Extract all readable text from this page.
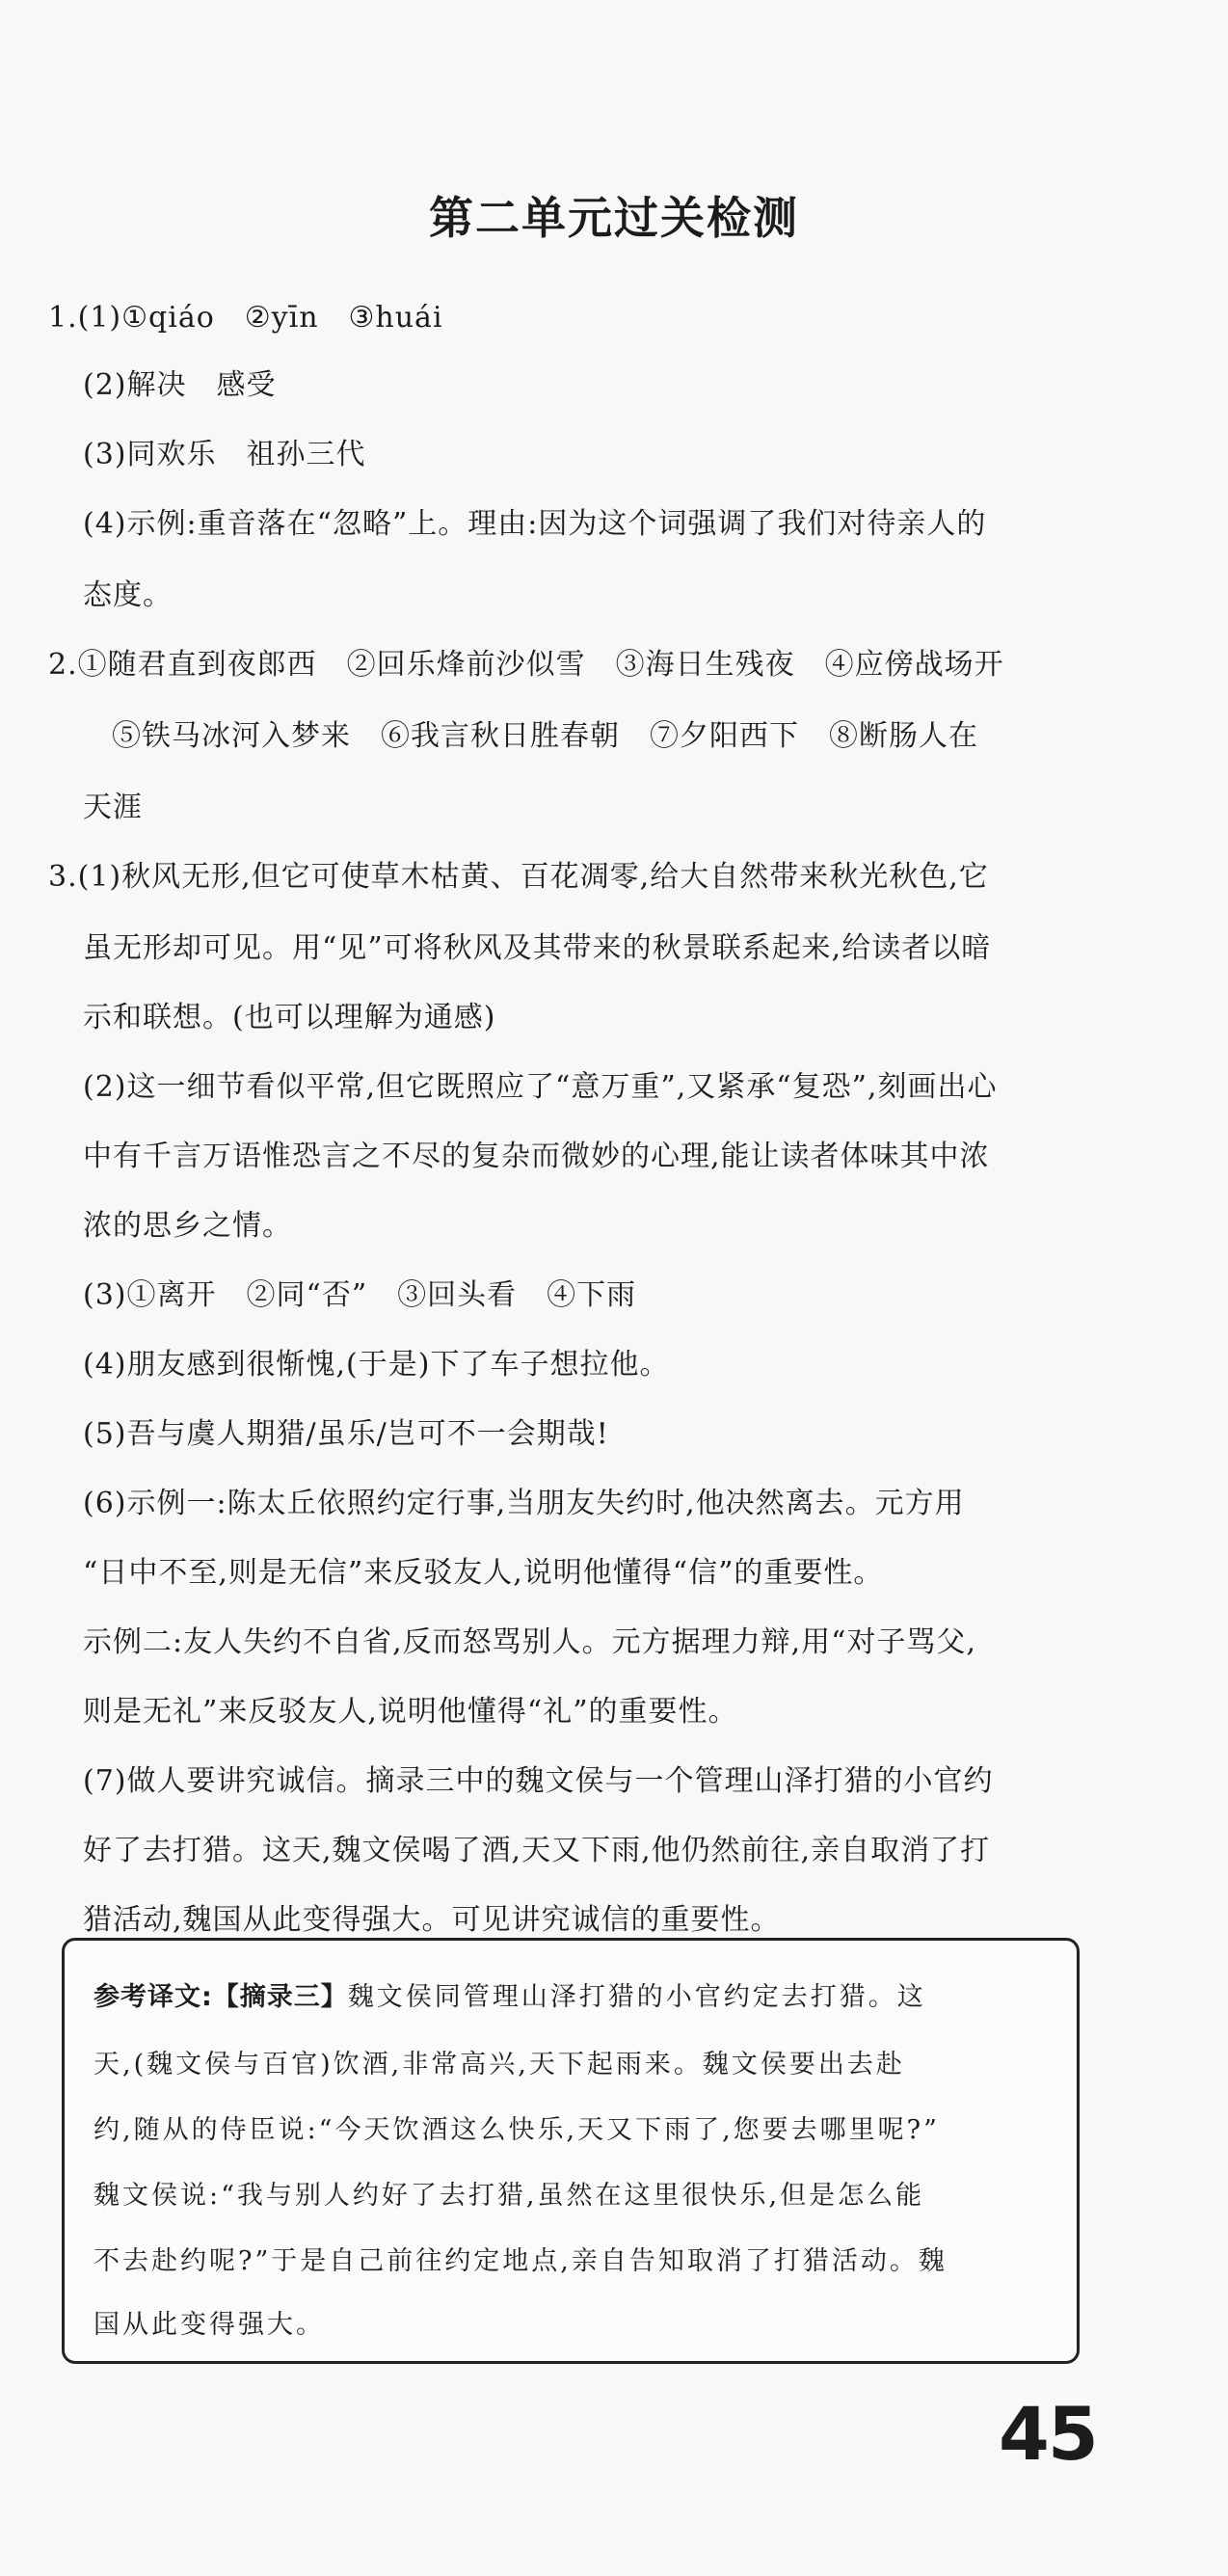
第二单元过关检测
1.(1)①qiáo　②yīn　③huái
(2)解决　感受
(3)同欢乐　祖孙三代
(4)示例:重音落在“忽略”上。理由:因为这个词强调了我们对待亲人的
态度。
2.①随君直到夜郎西　②回乐烽前沙似雪　③海日生残夜　④应傍战场开
⑤铁马冰河入梦来　⑥我言秋日胜春朝　⑦夕阳西下　⑧断肠人在
天涯
3.(1)秋风无形,但它可使草木枯黄、百花凋零,给大自然带来秋光秋色,它
虽无形却可见。用“见”可将秋风及其带来的秋景联系起来,给读者以暗
示和联想。(也可以理解为通感)
(2)这一细节看似平常,但它既照应了“意万重”,又紧承“复恐”,刻画出心
中有千言万语惟恐言之不尽的复杂而微妙的心理,能让读者体味其中浓
浓的思乡之情。
(3)①离开　②同“否”　③回头看　④下雨
(4)朋友感到很惭愧,(于是)下了车子想拉他。
(5)吾与虞人期猎/虽乐/岂可不一会期哉!
(6)示例一:陈太丘依照约定行事,当朋友失约时,他决然离去。元方用
“日中不至,则是无信”来反驳友人,说明他懂得“信”的重要性。
示例二:友人失约不自省,反而怒骂别人。元方据理力辩,用“对子骂父,
则是无礼”来反驳友人,说明他懂得“礼”的重要性。
(7)做人要讲究诚信。摘录三中的魏文侯与一个管理山泽打猎的小官约
好了去打猎。这天,魏文侯喝了酒,天又下雨,他仍然前往,亲自取消了打
猎活动,魏国从此变得强大。可见讲究诚信的重要性。
参考译文:【摘录三】魏文侯同管理山泽打猎的小官约定去打猎。这
天,(魏文侯与百官)饮酒,非常高兴,天下起雨来。魏文侯要出去赴
约,随从的侍臣说:“今天饮酒这么快乐,天又下雨了,您要去哪里呢?”
魏文侯说:“我与别人约好了去打猎,虽然在这里很快乐,但是怎么能
不去赴约呢?”于是自己前往约定地点,亲自告知取消了打猎活动。魏
国从此变得强大。
45
